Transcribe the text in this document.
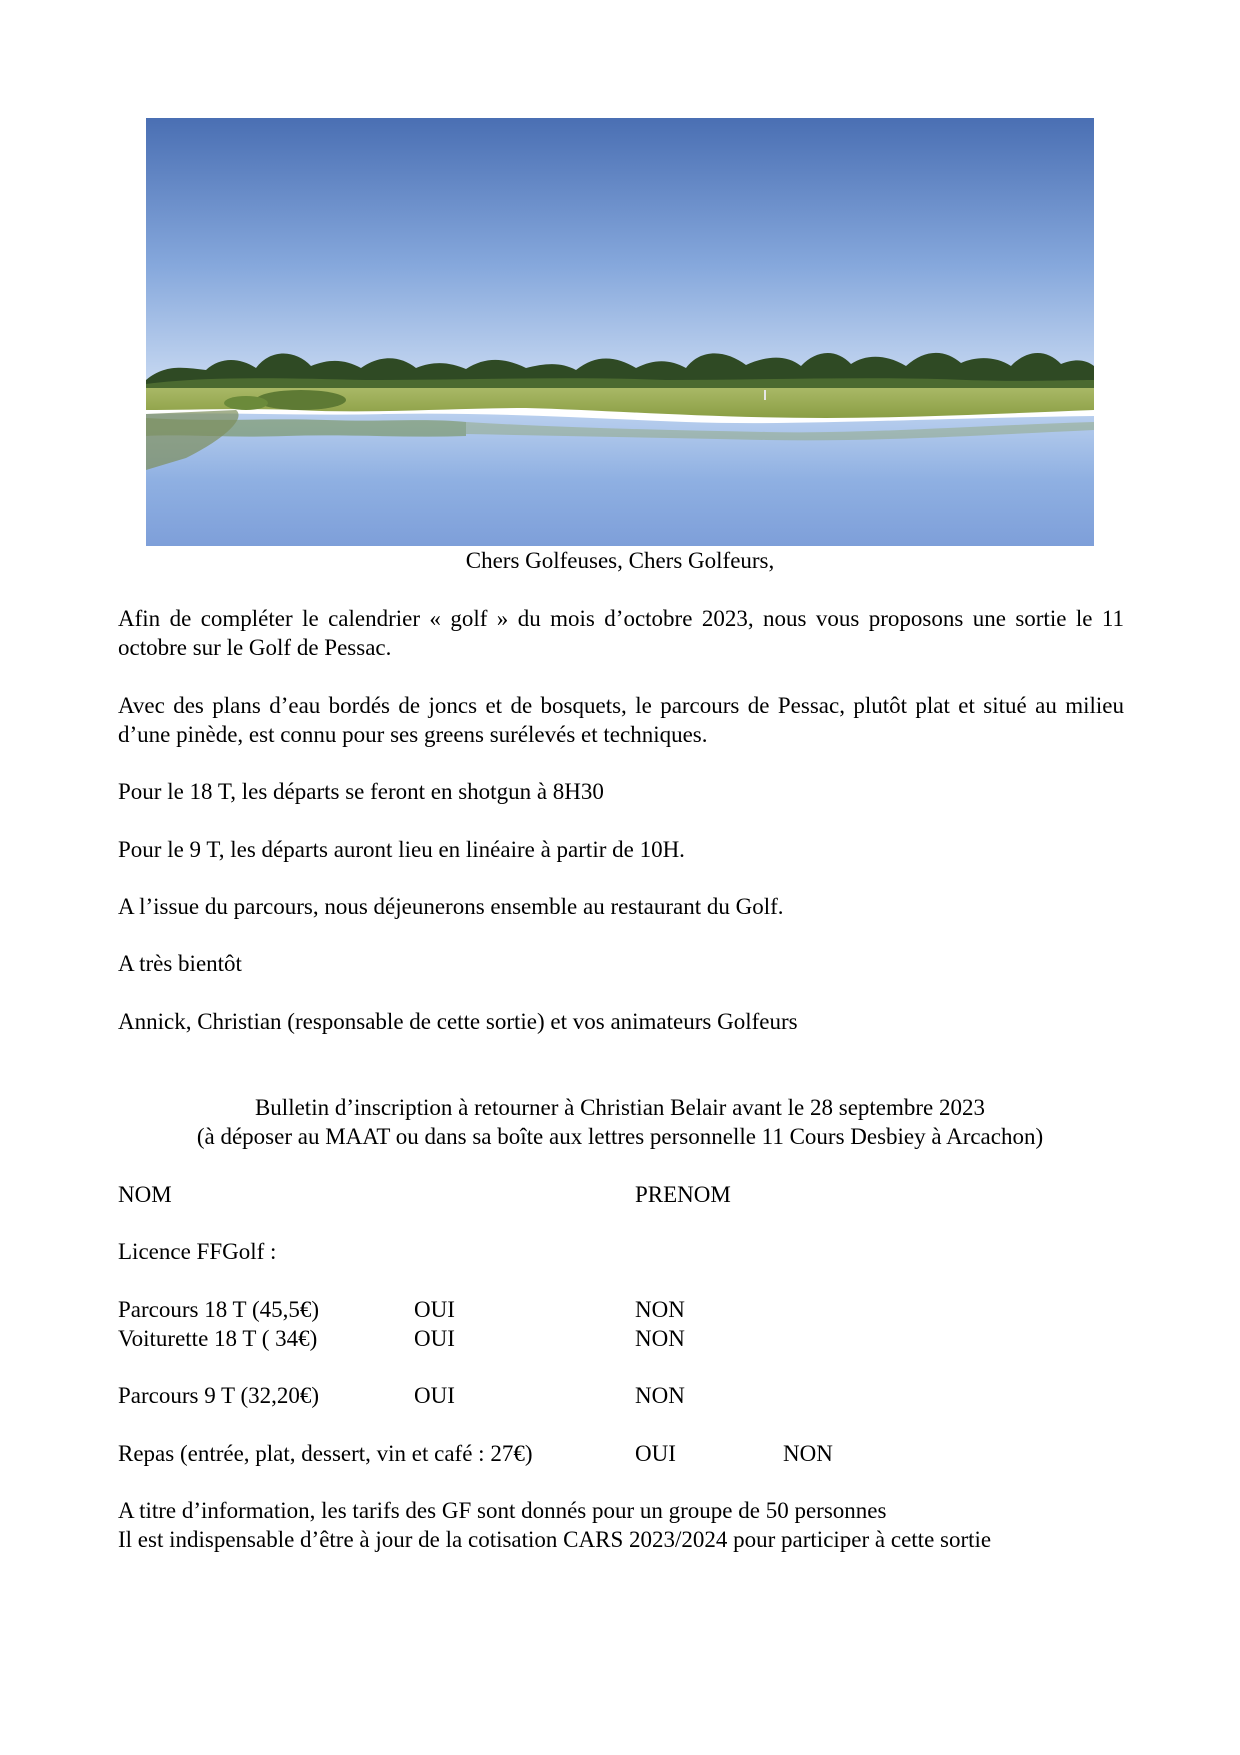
Chers Golfeuses, Chers Golfeurs,
Afin de compléter le calendrier « golf » du mois d’octobre 2023, nous vous proposons une sortie le 11 octobre sur le Golf de Pessac.
Avec des plans d’eau bordés de joncs et de bosquets, le parcours de Pessac, plutôt plat et situé au milieu d’une pinède, est connu pour ses greens surélevés et techniques.
Pour le 18 T, les départs se feront en shotgun à 8H30
Pour le 9 T, les départs auront lieu en linéaire à partir de 10H.
A l’issue du parcours, nous déjeunerons ensemble au restaurant du Golf.
A très bientôt
Annick, Christian (responsable de cette sortie) et vos animateurs Golfeurs
Bulletin d’inscription à retourner à Christian Belair avant le 28 septembre 2023
(à déposer au MAAT ou dans sa boîte aux lettres personnelle 11 Cours Desbiey à Arcachon)
NOM	PRENOM
Licence FFGolf :
Parcours 18 T (45,5€)	OUI	NON
Voiturette 18 T ( 34€)	OUI	NON
Parcours 9 T (32,20€)	OUI	NON
Repas (entrée, plat, dessert, vin et café : 27€)	OUI	NON
A titre d’information, les tarifs des GF sont donnés pour un groupe de 50 personnes
Il est indispensable d’être à jour de la cotisation CARS 2023/2024 pour participer à cette sortie
